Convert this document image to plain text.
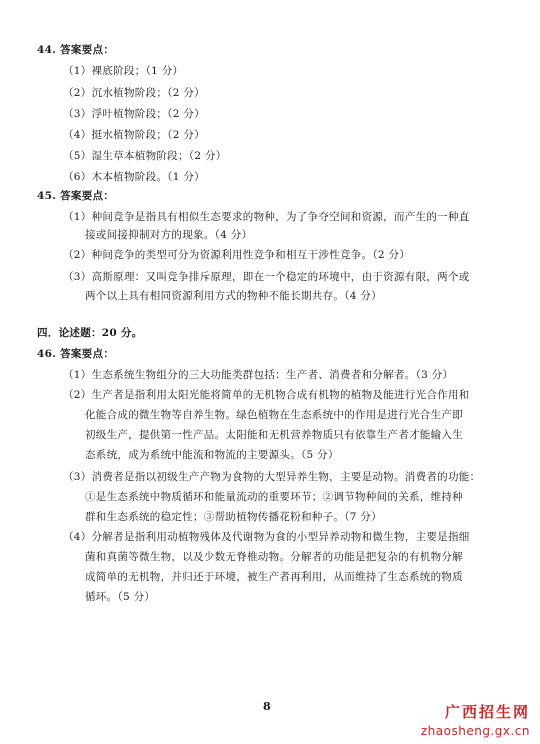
44. 答案要点：
（1）裸底阶段；（1 分）
（2）沉水植物阶段；（2 分）
（3）浮叶植物阶段；（2 分）
（4）挺水植物阶段；（2 分）
（5）湿生草本植物阶段；（2 分）
（6）木本植物阶段。（1 分）
45. 答案要点：
（1）种间竞争是指具有相似生态要求的物种，为了争夺空间和资源，而产生的一种直
接或间接抑制对方的现象。（4 分）
（2）种间竞争的类型可分为资源利用性竞争和相互干涉性竞争。（2 分）
（3）高斯原理：又叫竞争排斥原理，即在一个稳定的环境中，由于资源有限，两个或
两个以上具有相同资源利用方式的物种不能长期共存。（4 分）
四．论述题：20 分。
46. 答案要点：
（1）生态系统生物组分的三大功能类群包括：生产者、消费者和分解者。（3 分）
（2）生产者是指利用太阳光能将简单的无机物合成有机物的植物及能进行光合作用和
化能合成的微生物等自养生物。绿色植物在生态系统中的作用是进行光合生产即
初级生产，提供第一性产品。太阳能和无机营养物质只有依靠生产者才能输入生
态系统，成为系统中能流和物流的主要源头。（5 分）
（3）消费者是指以初级生产产物为食物的大型异养生物，主要是动物。消费者的功能：
①是生态系统中物质循环和能量流动的重要环节；②调节物种间的关系，维持种
群和生态系统的稳定性；③帮助植物传播花粉和种子。（7 分）
（4）分解者是指利用动植物残体及代谢物为食的小型异养动物和微生物，主要是指细
菌和真菌等微生物，以及少数无脊椎动物。分解者的功能是把复杂的有机物分解
成简单的无机物，并归还于环境，被生产者再利用，从而维持了生态系统的物质
循环。（5 分）
8	广西招生网
zhaosheng.gx.cn
